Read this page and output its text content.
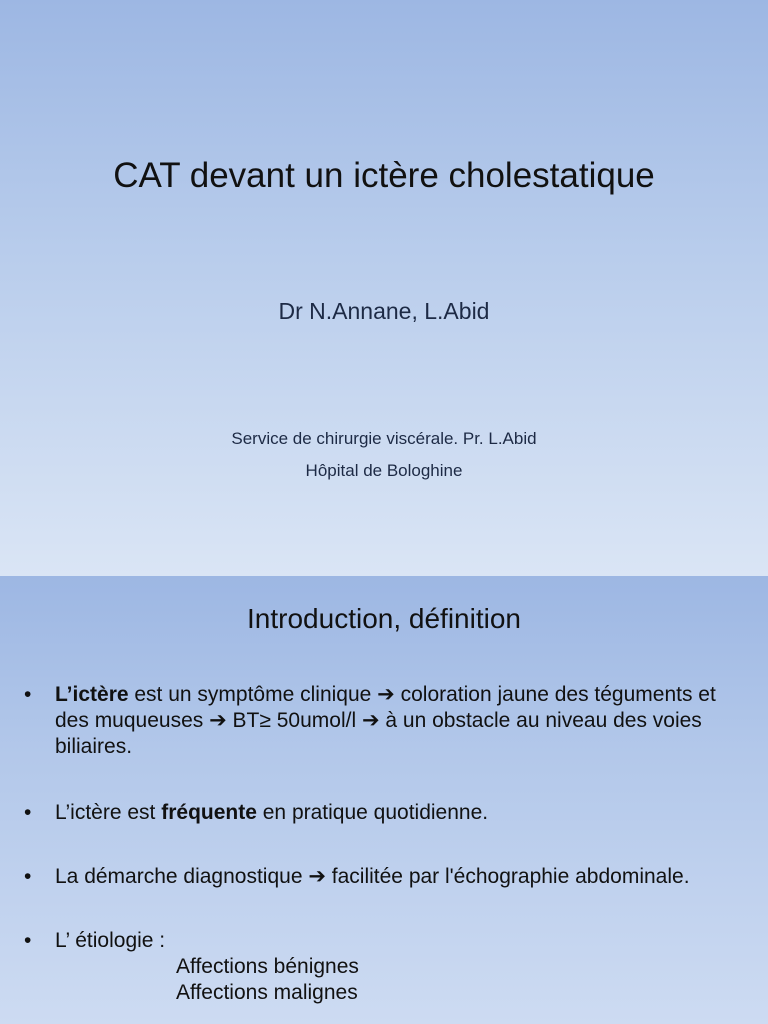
CAT devant un ictère cholestatique
Dr N.Annane, L.Abid
Service de chirurgie viscérale. Pr. L.Abid
Hôpital de Bologhine
Introduction, définition
• L’ictère est un symptôme clinique ➔ coloration jaune des téguments et des muqueuses ➔ BT≥ 50umol/l ➔ à un obstacle au niveau des voies biliaires.
• L’ictère est fréquente en pratique quotidienne.
• La démarche diagnostique ➔ facilitée par l'échographie abdominale.
• L’ étiologie :
Affections bénignes
Affections malignes
